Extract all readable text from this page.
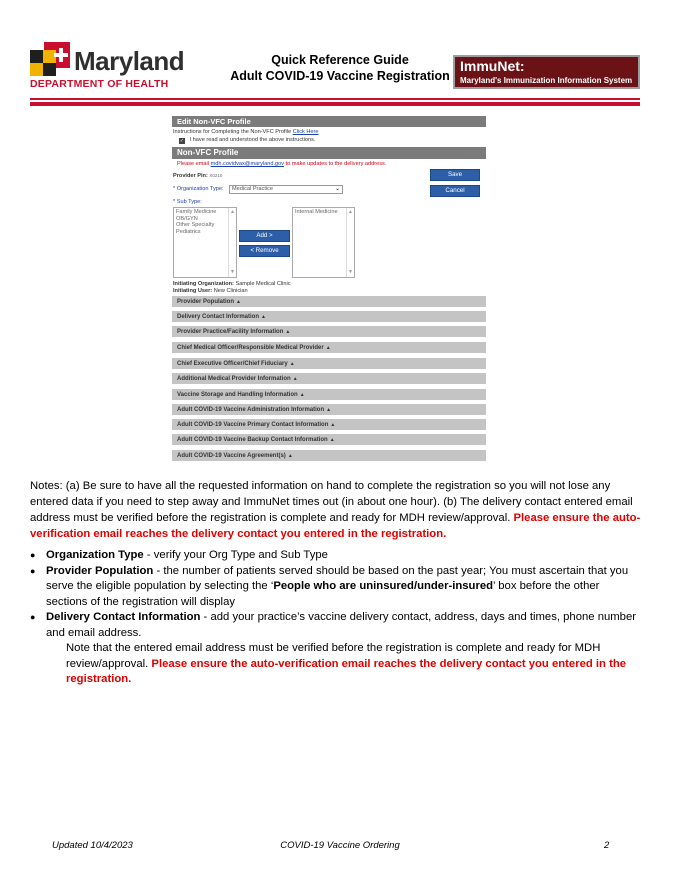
Maryland
DEPARTMENT OF HEALTH
Quick Reference Guide
Adult COVID-19 Vaccine Registration
ImmuNet:
Maryland's Immunization Information System
Edit Non-VFC Profile
Instructions for Completing the Non-VFC Profile Click Here
✓ I have read and understood the above instructions.
Non-VFC Profile
Please email mdh.covidvax@maryland.gov to make updates to the delivery address.
Provider Pin: X0210	Save
Cancel
* Organization Type:	Medical Practice	⌄
* Sub Type:
Family Medicine
OB/GYN
Other Specialty
Pediatrics
▲
▼
Add >
< Remove
Internal Medicine	▲
▼
Initiating Organization: Sample Medical Clinic
Initiating User: New Clinician
Provider Population ▲
Delivery Contact Information ▲
Provider Practice/Facility Information ▲
Chief Medical Officer/Responsible Medical Provider ▲
Chief Executive Officer/Chief Fiduciary ▲
Additional Medical Provider Information ▲
Vaccine Storage and Handling Information ▲
Adult COVID-19 Vaccine Administration Information ▲
Adult COVID-19 Vaccine Primary Contact Information ▲
Adult COVID-19 Vaccine Backup Contact Information ▲
Adult COVID-19 Vaccine Agreement(s) ▲
Notes: (a) Be sure to have all the requested information on hand to complete the registration so you will not lose any entered data if you need to step away and ImmuNet times out (in about one hour). (b) The delivery contact entered email address must be verified before the registration is complete and ready for MDH review/approval. Please ensure the auto-verification email reaches the delivery contact you entered in the registration.
● Organization Type - verify your Org Type and Sub Type
● Provider Population - the number of patients served should be based on the past year; You must ascertain that you serve the eligible population by selecting the ‘People who are uninsured/under-insured’ box before the other sections of the registration will display
● Delivery Contact Information - add your practice’s vaccine delivery contact, address, days and times, phone number and email address.
Note that the entered email address must be verified before the registration is complete and ready for MDH review/approval. Please ensure the auto-verification email reaches the delivery contact you entered in the registration.
Updated 10/4/2023	COVID-19 Vaccine Ordering	2
